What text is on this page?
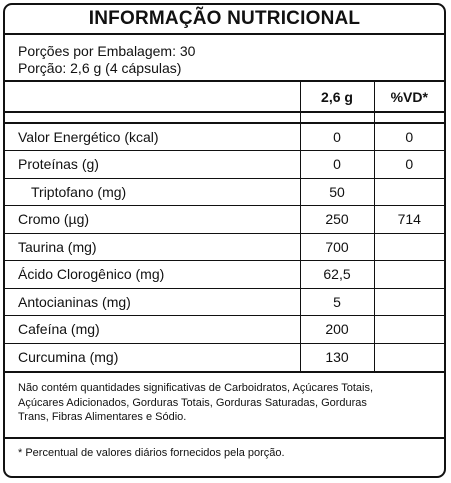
INFORMAÇÃO NUTRICIONAL
Porções por Embalagem: 30
Porção: 2,6 g (4 cápsulas)
	2,6 g	%VD*

Valor Energético (kcal)	0	0
Proteínas (g)	0	0
Triptofano (mg)	50	
Cromo (µg)	250	714
Taurina (mg)	700	
Ácido Clorogênico (mg)	62,5	
Antocianinas (mg)	5	
Cafeína (mg)	200	
Curcumina (mg)	130	
Não contém quantidades significativas de Carboidratos, Açúcares Totais,
Açúcares Adicionados, Gorduras Totais, Gorduras Saturadas, Gorduras
Trans, Fibras Alimentares e Sódio.
* Percentual de valores diários fornecidos pela porção.
